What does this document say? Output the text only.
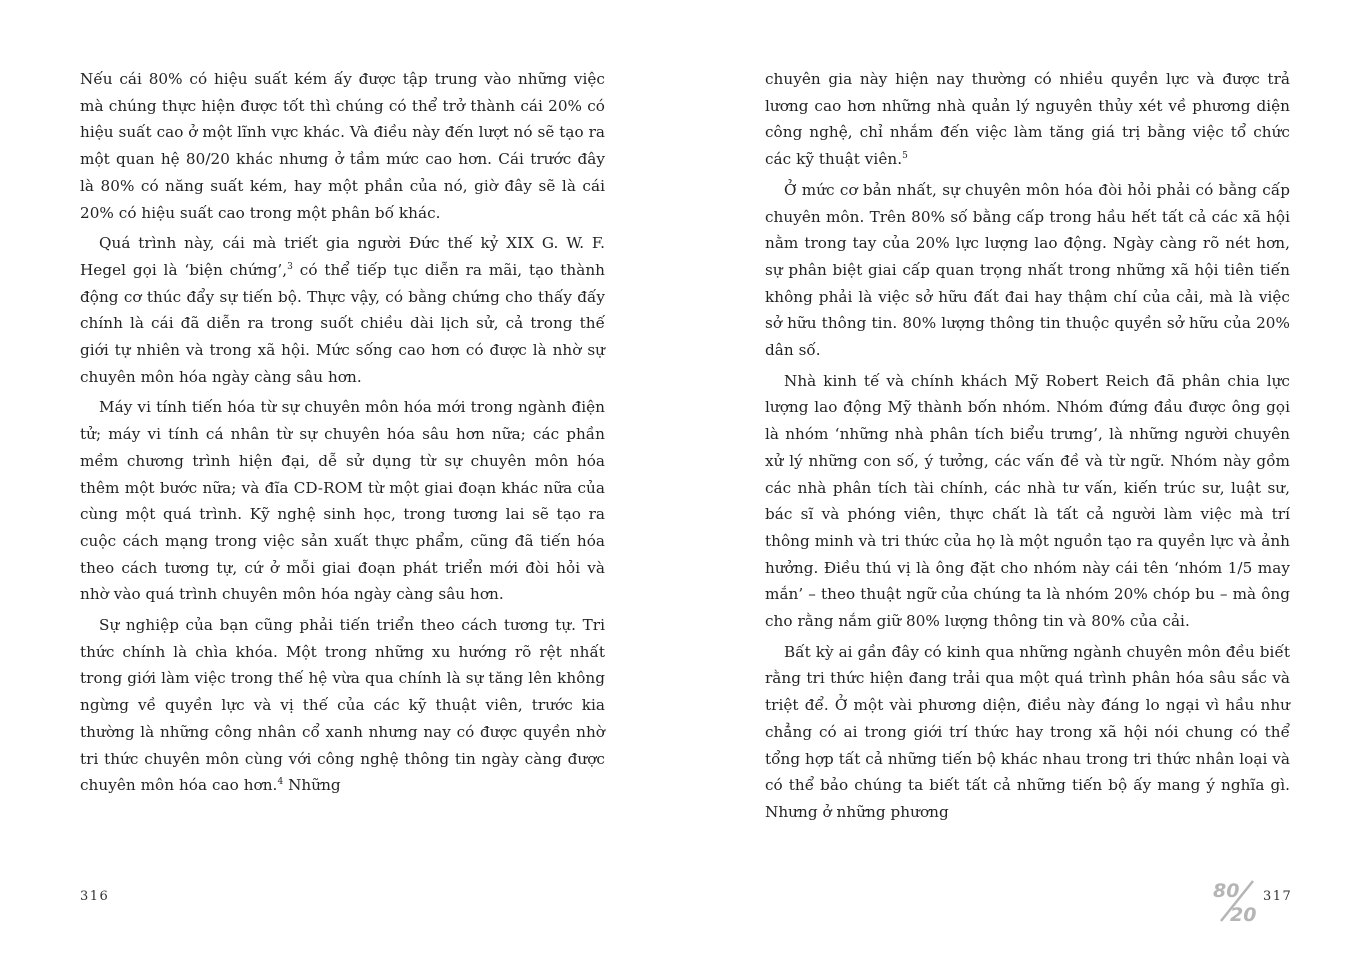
Nếu cái 80% có hiệu suất kém ấy được tập trung vào những việc mà chúng thực hiện được tốt thì chúng có thể trở thành cái 20% có hiệu suất cao ở một lĩnh vực khác. Và điều này đến lượt nó sẽ tạo ra một quan hệ 80/20 khác nhưng ở tầm mức cao hơn. Cái trước đây là 80% có năng suất kém, hay một phần của nó, giờ đây sẽ là cái 20% có hiệu suất cao trong một phân bố khác.

Quá trình này, cái mà triết gia người Đức thế kỷ XIX G. W. F. Hegel gọi là ‘biện chứng’,$^3$ có thể tiếp tục diễn ra mãi, tạo thành động cơ thúc đẩy sự tiến bộ. Thực vậy, có bằng chứng cho thấy đấy chính là cái đã diễn ra trong suốt chiều dài lịch sử, cả trong thế giới tự nhiên và trong xã hội. Mức sống cao hơn có được là nhờ sự chuyên môn hóa ngày càng sâu hơn.

Máy vi tính tiến hóa từ sự chuyên môn hóa mới trong ngành điện tử; máy vi tính cá nhân từ sự chuyên hóa sâu hơn nữa; các phần mềm chương trình hiện đại, dễ sử dụng từ sự chuyên môn hóa thêm một bước nữa; và đĩa CD-ROM từ một giai đoạn khác nữa của cùng một quá trình. Kỹ nghệ sinh học, trong tương lai sẽ tạo ra cuộc cách mạng trong việc sản xuất thực phẩm, cũng đã tiến hóa theo cách tương tự, cứ ở mỗi giai đoạn phát triển mới đòi hỏi và nhờ vào quá trình chuyên môn hóa ngày càng sâu hơn.

Sự nghiệp của bạn cũng phải tiến triển theo cách tương tự. Tri thức chính là chìa khóa. Một trong những xu hướng rõ rệt nhất trong giới làm việc trong thế hệ vừa qua chính là sự tăng lên không ngừng về quyền lực và vị thế của các kỹ thuật viên, trước kia thường là những công nhân cổ xanh nhưng nay có được quyền nhờ tri thức chuyên môn cùng với công nghệ thông tin ngày càng được chuyên môn hóa cao hơn.$^4$ Những

316

chuyên gia này hiện nay thường có nhiều quyền lực và được trả lương cao hơn những nhà quản lý nguyên thủy xét về phương diện công nghệ, chỉ nhắm đến việc làm tăng giá trị bằng việc tổ chức các kỹ thuật viên.$^5$

Ở mức cơ bản nhất, sự chuyên môn hóa đòi hỏi phải có bằng cấp chuyên môn. Trên 80% số bằng cấp trong hầu hết tất cả các xã hội nằm trong tay của 20% lực lượng lao động. Ngày càng rõ nét hơn, sự phân biệt giai cấp quan trọng nhất trong những xã hội tiên tiến không phải là việc sở hữu đất đai hay thậm chí của cải, mà là việc sở hữu thông tin. 80% lượng thông tin thuộc quyền sở hữu của 20% dân số.

Nhà kinh tế và chính khách Mỹ Robert Reich đã phân chia lực lượng lao động Mỹ thành bốn nhóm. Nhóm đứng đầu được ông gọi là nhóm ‘những nhà phân tích biểu trưng’, là những người chuyên xử lý những con số, ý tưởng, các vấn đề và từ ngữ. Nhóm này gồm các nhà phân tích tài chính, các nhà tư vấn, kiến trúc sư, luật sư, bác sĩ và phóng viên, thực chất là tất cả người làm việc mà trí thông minh và tri thức của họ là một nguồn tạo ra quyền lực và ảnh hưởng. Điều thú vị là ông đặt cho nhóm này cái tên ‘nhóm 1/5 may mắn’ – theo thuật ngữ của chúng ta là nhóm 20% chóp bu – mà ông cho rằng nắm giữ 80% lượng thông tin và 80% của cải.

Bất kỳ ai gần đây có kinh qua những ngành chuyên môn đều biết rằng tri thức hiện đang trải qua một quá trình phân hóa sâu sắc và triệt để. Ở một vài phương diện, điều này đáng lo ngại vì hầu như chẳng có ai trong giới trí thức hay trong xã hội nói chung có thể tổng hợp tất cả những tiến bộ khác nhau trong tri thức nhân loại và có thể bảo chúng ta biết tất cả những tiến bộ ấy mang ý nghĩa gì. Nhưng ở những phương

80
20
317
